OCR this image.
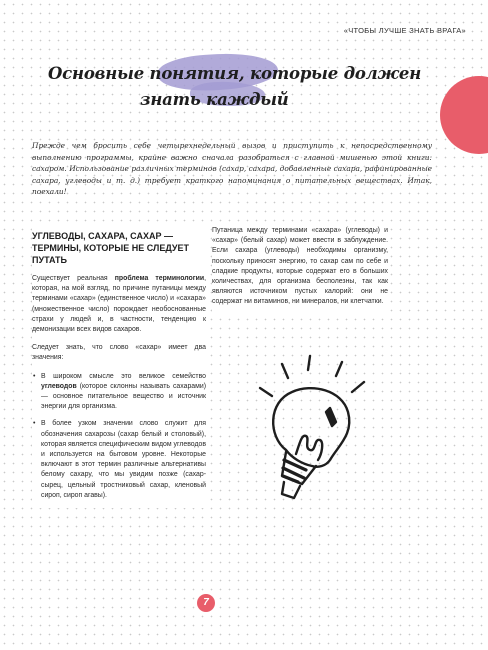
«ЧТОБЫ ЛУЧШЕ ЗНАТЬ ВРАГА»
Основные понятия, которые должен
знать каждый
Прежде чем бросить себе четырехнедельный вызов и приступить к непосредственному выполнению программы, крайне важно сначала разобраться с главной мишенью этой книги: сахаром. Использование различных терминов (сахар, сахара, добавленные сахара, рафинированные сахара, углеводы и т. д.) требует краткого напоминания о питательных веществах. Итак, поехали!
УГЛЕВОДЫ, САХАРА, САХАР —
ТЕРМИНЫ, КОТОРЫЕ НЕ СЛЕДУЕТ
ПУТАТЬ

Существует реальная проблема терминологии, которая, на мой взгляд, по причине путаницы между терминами «сахар» (единственное число) и «сахара» (множественное число) порождает необоснованные страхи у людей и, в частности, тенденцию к демонизации всех видов сахаров.

Следует знать, что слово «сахар» имеет два значения:

• В широком смысле это великое семейство углеводов (которое склонны называть сахарами) — основное питательное вещество и источник энергии для организма.
• В более узком значении слово служит для обозначения сахарозы (сахар белый и столовый), которая является специфическим видом углеводов и используется на бытовом уровне. Некоторые включают в этот термин различные альтернативы белому сахару, что мы увидим позже (сахар-сырец, цельный тростниковый сахар, кленовый сироп, сироп агавы).

Путаница между терминами «сахара» (углеводы) и «сахар» (белый сахар) может ввести в заблуждение. Если сахара (углеводы) необходимы организму, поскольку приносят энергию, то сахар сам по себе и сладкие продукты, которые содержат его в больших количествах, для организма бесполезны, так как являются источником пустых калорий: они не содержат ни витаминов, ни минералов, ни клетчатки.

7
